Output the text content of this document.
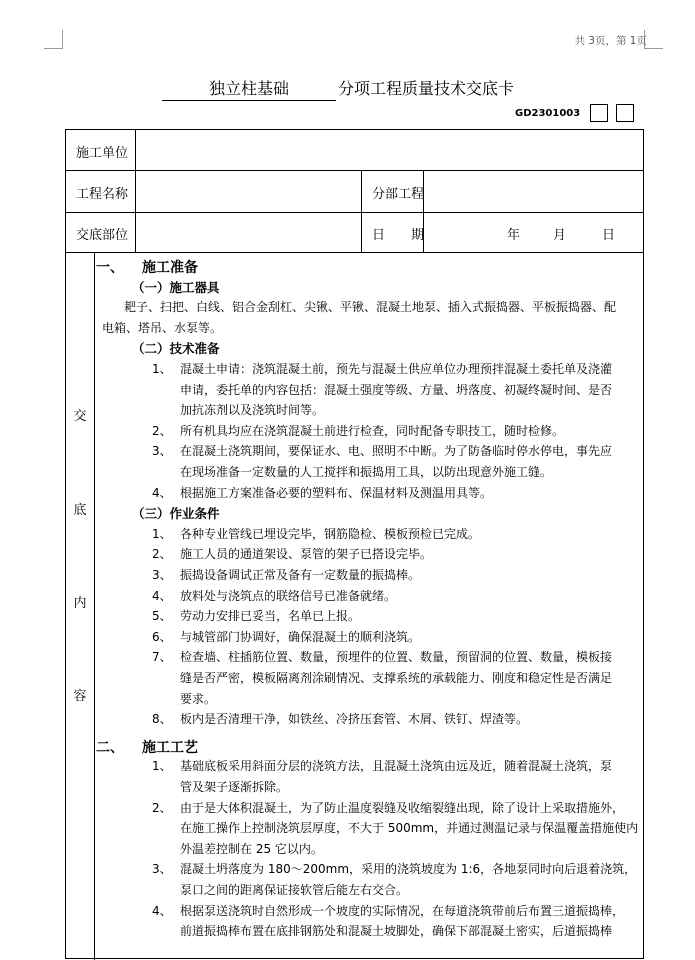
共 3页，第 1页
独立柱基础	分项工程质量技术交底卡
GD2301003
施工单位
工程名称	分部工程
交底部位	日　　期	年	月	日
交
底
内
容
一、 施工准备
（一）施工器具
耙子、扫把、白线、铝合金刮杠、尖锹、平锹、混凝土地泵、插入式振捣器、平板振捣器、配
电箱、塔吊、水泵等。
（二）技术准备
1、 混凝土申请：浇筑混凝土前，预先与混凝土供应单位办理预拌混凝土委托单及浇灌
申请，委托单的内容包括：混凝土强度等级、方量、坍落度、初凝终凝时间、是否
加抗冻剂以及浇筑时间等。
2、 所有机具均应在浇筑混凝土前进行检查，同时配备专职技工，随时检修。
3、 在混凝土浇筑期间，要保证水、电、照明不中断。为了防备临时停水停电，事先应
在现场准备一定数量的人工搅拌和振捣用工具，以防出现意外施工缝。
4、 根据施工方案准备必要的塑料布、保温材料及测温用具等。
（三）作业条件
1、 各种专业管线已埋设完毕，钢筋隐检、模板预检已完成。
2、 施工人员的通道架设、泵管的架子已搭设完毕。
3、 振捣设备调试正常及备有一定数量的振捣棒。
4、 放料处与浇筑点的联络信号已准备就绪。
5、 劳动力安排已妥当，名单已上报。
6、 与城管部门协调好，确保混凝土的顺利浇筑。
7、 检查墙、柱插筋位置、数量，预埋件的位置、数量，预留洞的位置、数量，模板接
缝是否严密，模板隔离剂涂刷情况、支撑系统的承载能力、刚度和稳定性是否满足
要求。
8、 板内是否清理干净，如铁丝、冷挤压套管、木屑、铁钉、焊渣等。
二、 施工工艺
1、 基础底板采用斜面分层的浇筑方法，且混凝土浇筑由远及近，随着混凝土浇筑，泵
管及架子逐渐拆除。
2、 由于是大体积混凝土，为了防止温度裂缝及收缩裂缝出现，除了设计上采取措施外，
在施工操作上控制浇筑层厚度，不大于 500mm，并通过测温记录与保温覆盖措施使内
外温差控制在 25 它以内。
3、 混凝土坍落度为 180～200mm，采用的浇筑坡度为 1:6，各地泵同时向后退着浇筑，
泵口之间的距离保证接软管后能左右交合。
4、 根据泵送浇筑时自然形成一个坡度的实际情况，在每道浇筑带前后布置三道振捣棒，
前道振捣棒布置在底排钢筋处和混凝土坡脚处，确保下部混凝土密实，后道振捣棒
